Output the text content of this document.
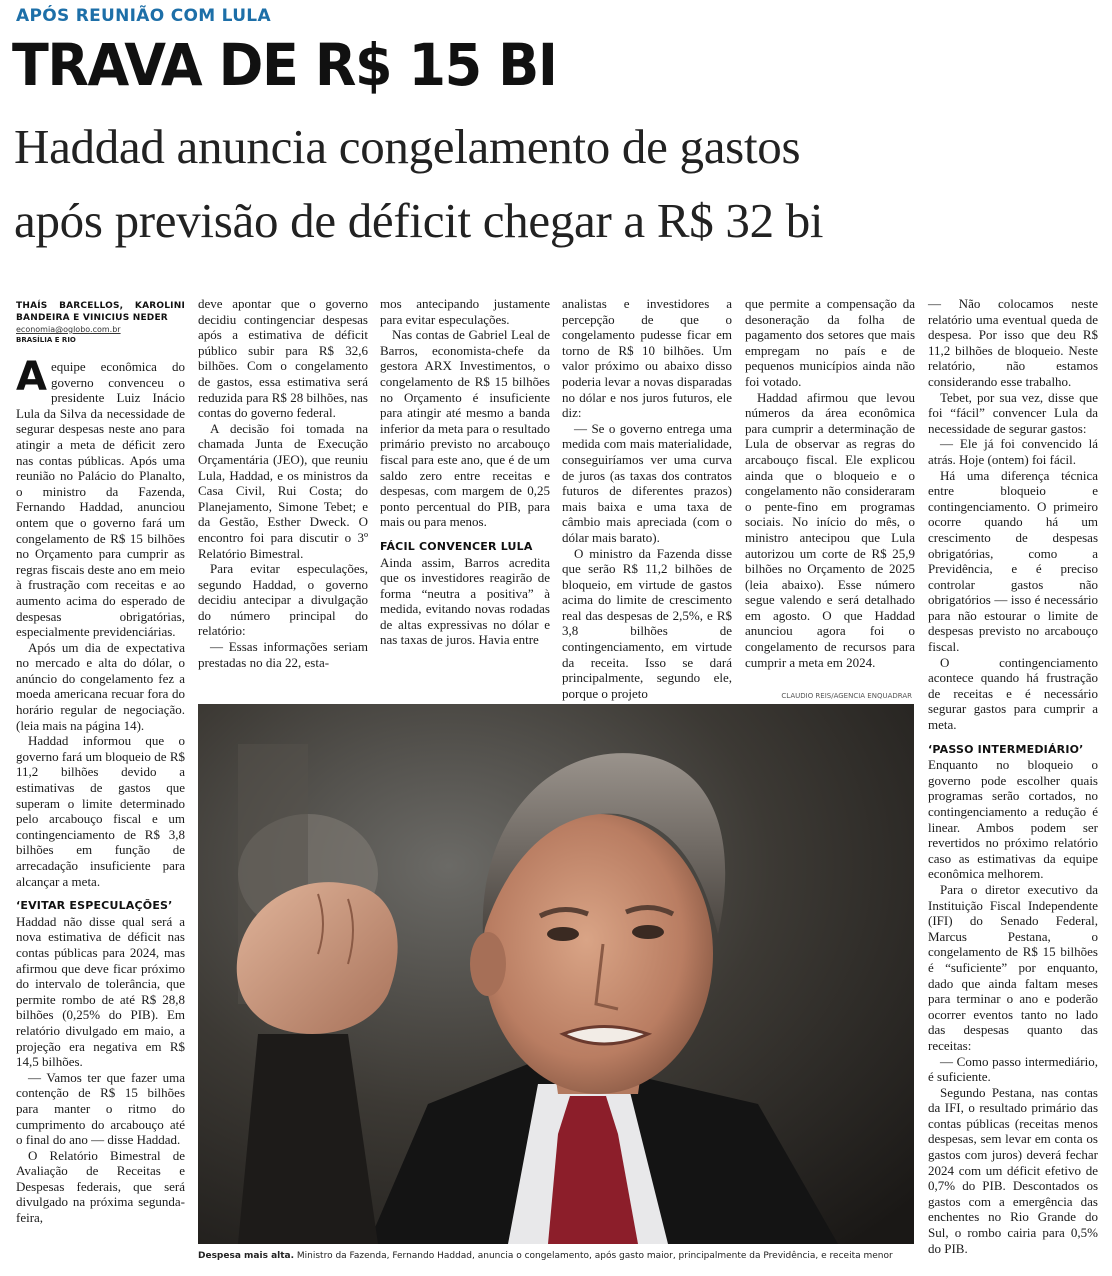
APÓS REUNIÃO COM LULA
TRAVA DE R$ 15 BI
Haddad anuncia congelamento de gastos
após previsão de déficit chegar a R$ 32 bi
THAÍS BARCELLOS, KAROLINI BANDEIRA E VINICIUS NEDER
economia@oglobo.com.br
BRASÍLIA E RIO

A equipe econômica do governo convenceu o presidente Luiz Inácio Lula da Silva da necessidade de segurar despesas neste ano para atingir a meta de déficit zero nas contas públicas. Após uma reunião no Palácio do Planalto, o ministro da Fazenda, Fernando Haddad, anunciou ontem que o governo fará um congelamento de R$ 15 bilhões no Orçamento para cumprir as regras fiscais deste ano em meio à frustração com receitas e ao aumento acima do esperado de despesas obrigatórias, especialmente previdenciárias.

Após um dia de expectativa no mercado e alta do dólar, o anúncio do congelamento fez a moeda americana recuar fora do horário regular de negociação. (leia mais na página 14).

Haddad informou que o governo fará um bloqueio de R$ 11,2 bilhões devido a estimativas de gastos que superam o limite determinado pelo arcabouço fiscal e um contingenciamento de R$ 3,8 bilhões em função de arrecadação insuficiente para alcançar a meta.

‘EVITAR ESPECULAÇÕES’

Haddad não disse qual será a nova estimativa de déficit nas contas públicas para 2024, mas afirmou que deve ficar próximo do intervalo de tolerância, que permite rombo de até R$ 28,8 bilhões (0,25% do PIB). Em relatório divulgado em maio, a projeção era negativa em R$ 14,5 bilhões.

— Vamos ter que fazer uma contenção de R$ 15 bilhões para manter o ritmo do cumprimento do arcabouço até o final do ano — disse Haddad.

O Relatório Bimestral de Avaliação de Receitas e Despesas federais, que será divulgado na próxima segunda-feira,

deve apontar que o governo decidiu contingenciar despesas após a estimativa de déficit público subir para R$ 32,6 bilhões. Com o congelamento de gastos, essa estimativa será reduzida para R$ 28 bilhões, nas contas do governo federal.

A decisão foi tomada na chamada Junta de Execução Orçamentária (JEO), que reuniu Lula, Haddad, e os ministros da Casa Civil, Rui Costa; do Planejamento, Simone Tebet; e da Gestão, Esther Dweck. O encontro foi para discutir o 3º Relatório Bimestral.

Para evitar especulações, segundo Haddad, o governo decidiu antecipar a divulgação do número principal do relatório:

— Essas informações seriam prestadas no dia 22, esta-

mos antecipando justamente para evitar especulações.

Nas contas de Gabriel Leal de Barros, economista-chefe da gestora ARX Investimentos, o congelamento de R$ 15 bilhões no Orçamento é insuficiente para atingir até mesmo a banda inferior da meta para o resultado primário previsto no arcabouço fiscal para este ano, que é de um saldo zero entre receitas e despesas, com margem de 0,25 ponto percentual do PIB, para mais ou para menos.

FÁCIL CONVENCER LULA

Ainda assim, Barros acredita que os investidores reagirão de forma “neutra a positiva” à medida, evitando novas rodadas de altas expressivas no dólar e nas taxas de juros. Havia entre

analistas e investidores a percepção de que o congelamento pudesse ficar em torno de R$ 10 bilhões. Um valor próximo ou abaixo disso poderia levar a novas disparadas no dólar e nos juros futuros, ele diz:

— Se o governo entrega uma medida com mais materialidade, conseguiríamos ver uma curva de juros (as taxas dos contratos futuros de diferentes prazos) mais baixa e uma taxa de câmbio mais apreciada (com o dólar mais barato).

O ministro da Fazenda disse que serão R$ 11,2 bilhões de bloqueio, em virtude de gastos acima do limite de crescimento real das despesas de 2,5%, e R$ 3,8 bilhões de contingenciamento, em virtude da receita. Isso se dará principalmente, segundo ele, porque o projeto

que permite a compensação da desoneração da folha de pagamento dos setores que mais empregam no país e de pequenos municípios ainda não foi votado.

Haddad afirmou que levou números da área econômica para cumprir a determinação de Lula de observar as regras do arcabouço fiscal. Ele explicou ainda que o bloqueio e o congelamento não consideraram o pente-fino em programas sociais. No início do mês, o ministro antecipou que Lula autorizou um corte de R$ 25,9 bilhões no Orçamento de 2025 (leia abaixo). Esse número segue valendo e será detalhado em agosto. O que Haddad anunciou agora foi o congelamento de recursos para cumprir a meta em 2024.

— Não colocamos neste relatório uma eventual queda de despesa. Por isso que deu R$ 11,2 bilhões de bloqueio. Neste relatório, não estamos considerando esse trabalho.

Tebet, por sua vez, disse que foi “fácil” convencer Lula da necessidade de segurar gastos:

— Ele já foi convencido lá atrás. Hoje (ontem) foi fácil.

Há uma diferença técnica entre bloqueio e contingenciamento. O primeiro ocorre quando há um crescimento de despesas obrigatórias, como a Previdência, e é preciso controlar gastos não obrigatórios — isso é necessário para não estourar o limite de despesas previsto no arcabouço fiscal.

O contingenciamento acontece quando há frustração de receitas e é necessário segurar gastos para cumprir a meta.

‘PASSO INTERMEDIÁRIO’

Enquanto no bloqueio o governo pode escolher quais programas serão cortados, no contingenciamento a redução é linear. Ambos podem ser revertidos no próximo relatório caso as estimativas da equipe econômica melhorem.

Para o diretor executivo da Instituição Fiscal Independente (IFI) do Senado Federal, Marcus Pestana, o congelamento de R$ 15 bilhões é “suficiente” por enquanto, dado que ainda faltam meses para terminar o ano e poderão ocorrer eventos tanto no lado das despesas quanto das receitas:

— Como passo intermediário, é suficiente.

Segundo Pestana, nas contas da IFI, o resultado primário das contas públicas (receitas menos despesas, sem levar em conta os gastos com juros) deverá fechar 2024 com um déficit efetivo de 0,7% do PIB. Descontados os gastos com a emergência das enchentes no Rio Grande do Sul, o rombo cairia para 0,5% do PIB.

CLAUDIO REIS/AGENCIA ENQUADRAR
Despesa mais alta. Ministro da Fazenda, Fernando Haddad, anuncia o congelamento, após gasto maior, principalmente da Previdência, e receita menor
